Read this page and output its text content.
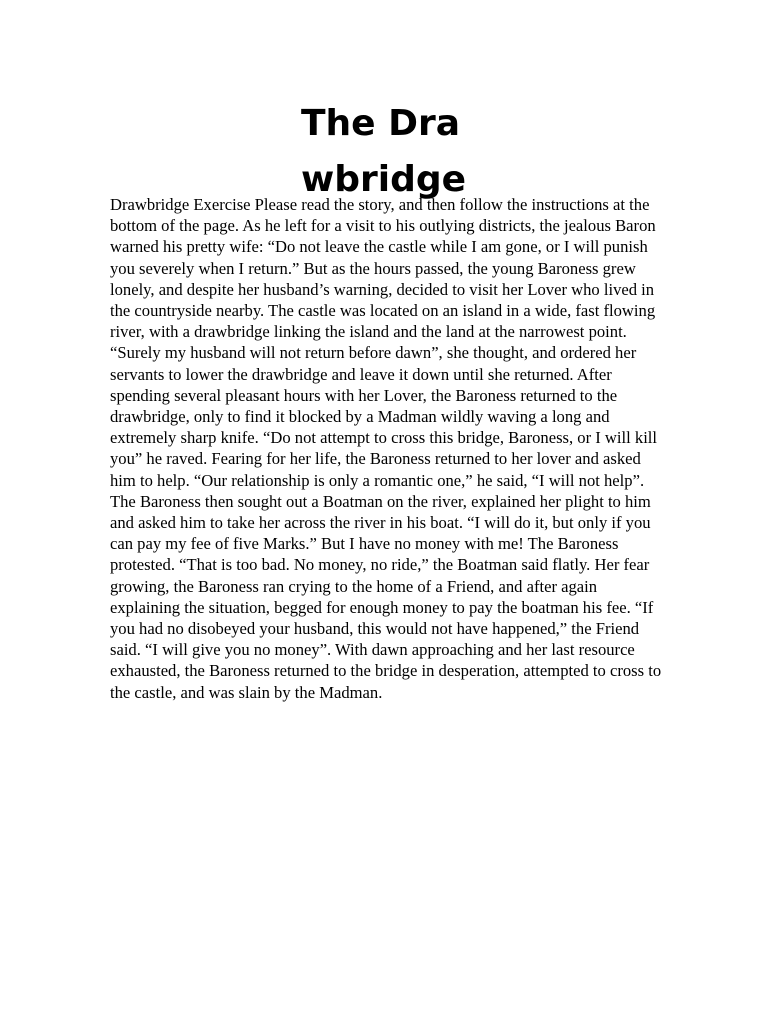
The Drawbridge

Drawbridge Exercise Please read the story, and then follow the instructions at the bottom of the page. As he left for a visit to his outlying districts, the jealous Baron warned his pretty wife: “Do not leave the castle while I am gone, or I will punish you severely when I return.” But as the hours passed, the young Baroness grew lonely, and despite her husband’s warning, decided to visit her Lover who lived in the countryside nearby. The castle was located on an island in a wide, fast flowing river, with a drawbridge linking the island and the land at the narrowest point. “Surely my husband will not return before dawn”, she thought, and ordered her servants to lower the drawbridge and leave it down until she returned. After spending several pleasant hours with her Lover, the Baroness returned to the drawbridge, only to find it blocked by a Madman wildly waving a long and extremely sharp knife. “Do not attempt to cross this bridge, Baroness, or I will kill you” he raved. Fearing for her life, the Baroness returned to her lover and asked him to help. “Our relationship is only a romantic one,” he said, “I will not help”. The Baroness then sought out a Boatman on the river, explained her plight to him and asked him to take her across the river in his boat. “I will do it, but only if you can pay my fee of five Marks.” But I have no money with me! The Baroness protested. “That is too bad. No money, no ride,” the Boatman said flatly. Her fear growing, the Baroness ran crying to the home of a Friend, and after again explaining the situation, begged for enough money to pay the boatman his fee. “If you had no disobeyed your husband, this would not have happened,” the Friend said. “I will give you no money”. With dawn approaching and her last resource exhausted, the Baroness returned to the bridge in desperation, attempted to cross to the castle, and was slain by the Madman.
